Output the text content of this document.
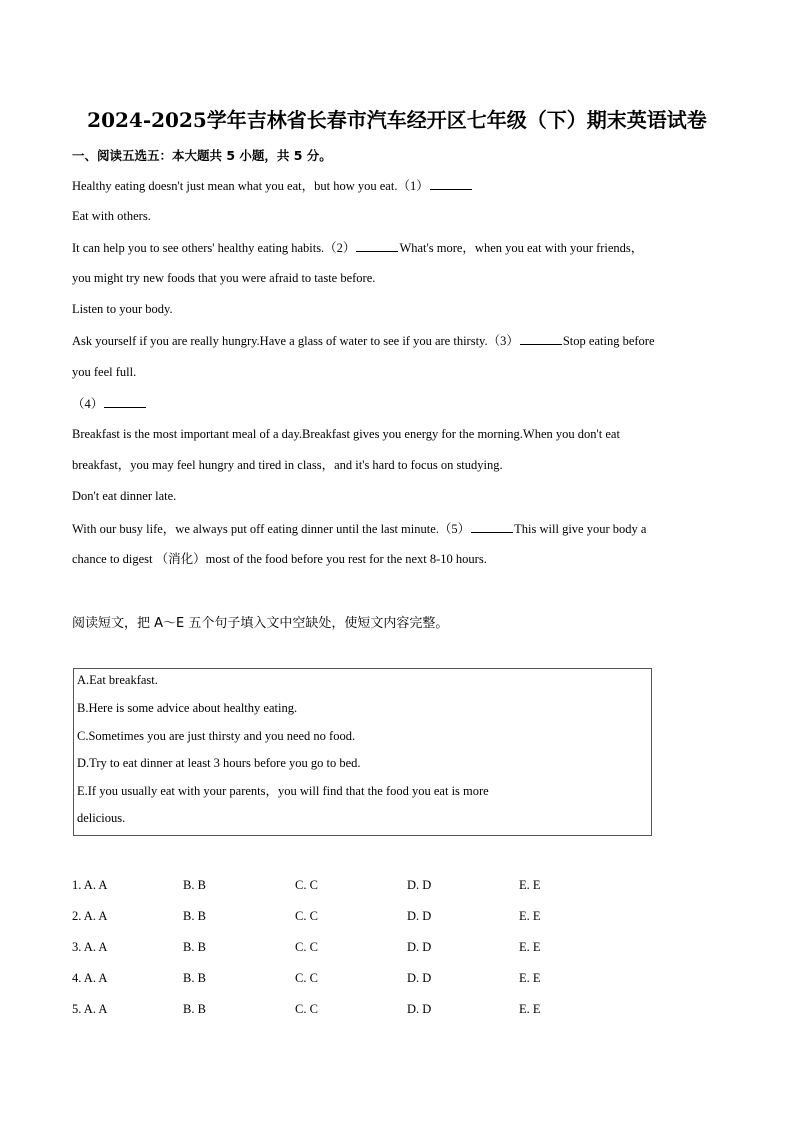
2024-2025学年吉林省长春市汽车经开区七年级（下）期末英语试卷
一、阅读五选五：本大题共 5 小题，共 5 分。
Healthy eating doesn't just mean what you eat，but how you eat.（1）
Eat with others.
It can help you to see others' healthy eating habits.（2）	What's more，when you eat with your friends，
you might try new foods that you were afraid to taste before.
Listen to your body.
Ask yourself if you are really hungry.Have a glass of water to see if you are thirsty.（3）	Stop eating before
you feel full.
（4）
Breakfast is the most important meal of a day.Breakfast gives you energy for the morning.When you don't eat
breakfast，you may feel hungry and tired in class，and it's hard to focus on studying.
Don't eat dinner late.
With our busy life，we always put off eating dinner until the last minute.（5）	This will give your body a
chance to digest （消化）most of the food before you rest for the next 8-10 hours.
阅读短文，把 A～E 五个句子填入文中空缺处，使短文内容完整。
A.Eat breakfast.
B.Here is some advice about healthy eating.
C.Sometimes you are just thirsty and you need no food.
D.Try to eat dinner at least 3 hours before you go to bed.
E.If you usually eat with your parents，you will find that the food you eat is more
delicious.
1. A. A	B. B	C. C	D. D	E. E
2. A. A	B. B	C. C	D. D	E. E
3. A. A	B. B	C. C	D. D	E. E
4. A. A	B. B	C. C	D. D	E. E
5. A. A	B. B	C. C	D. D	E. E
